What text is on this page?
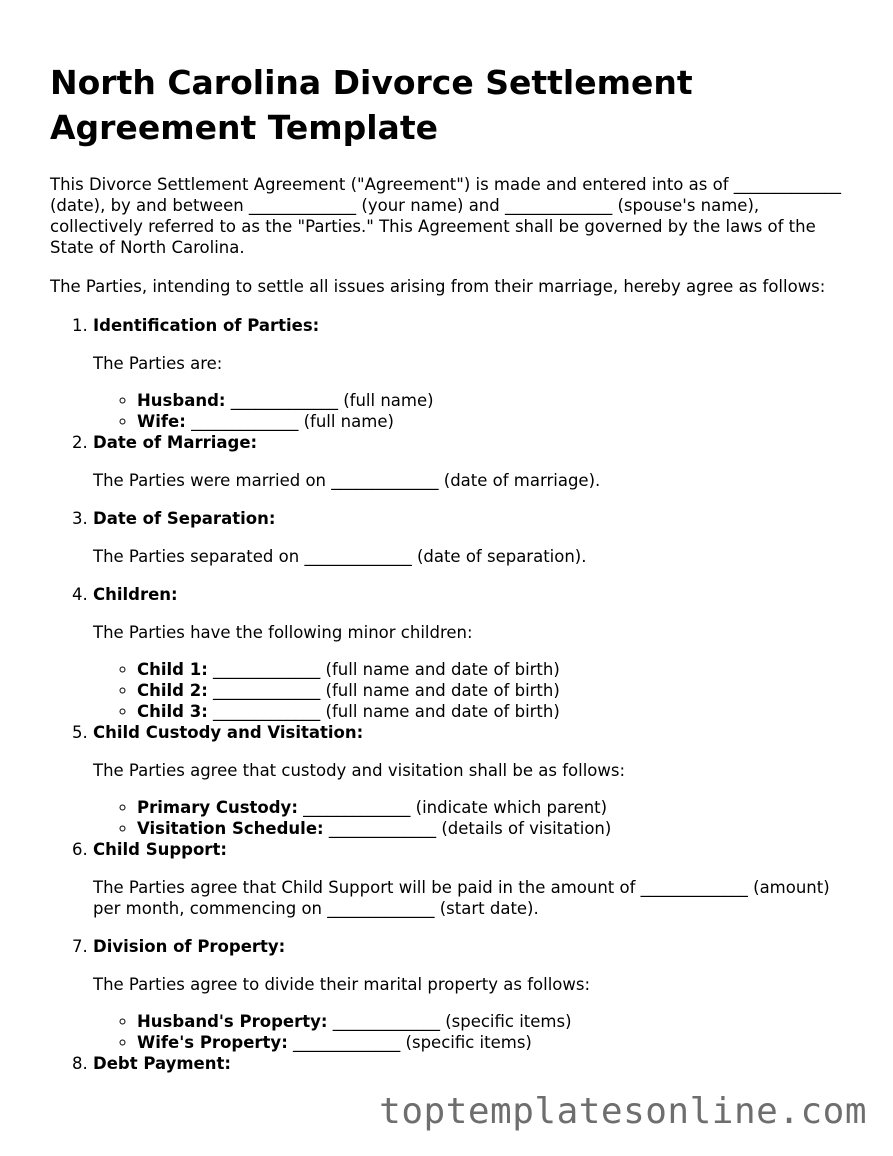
North Carolina Divorce Settlement
Agreement Template

This Divorce Settlement Agreement ("Agreement") is made and entered into as of _____________ (date), by and between _____________ (your name) and _____________ (spouse's name), collectively referred to as the "Parties." This Agreement shall be governed by the laws of the State of North Carolina.

The Parties, intending to settle all issues arising from their marriage, hereby agree as follows:

1. Identification of Parties:
The Parties are:
◦ Husband: _____________ (full name)
◦ Wife: _____________ (full name)
2. Date of Marriage:
The Parties were married on _____________ (date of marriage).
3. Date of Separation:
The Parties separated on _____________ (date of separation).
4. Children:
The Parties have the following minor children:
◦ Child 1: _____________ (full name and date of birth)
◦ Child 2: _____________ (full name and date of birth)
◦ Child 3: _____________ (full name and date of birth)
5. Child Custody and Visitation:
The Parties agree that custody and visitation shall be as follows:
◦ Primary Custody: _____________ (indicate which parent)
◦ Visitation Schedule: _____________ (details of visitation)
6. Child Support:
The Parties agree that Child Support will be paid in the amount of _____________ (amount) per month, commencing on _____________ (start date).
7. Division of Property:
The Parties agree to divide their marital property as follows:
◦ Husband's Property: _____________ (specific items)
◦ Wife's Property: _____________ (specific items)
8. Debt Payment:
toptemplatesonline.com
